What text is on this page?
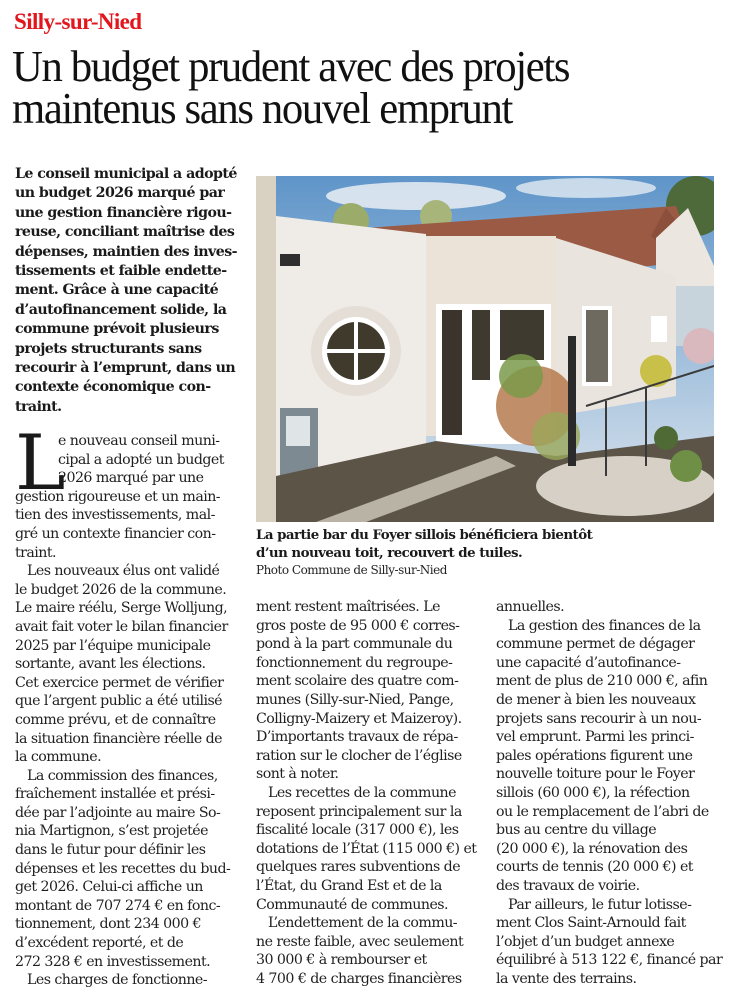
Silly-sur-Nied
Un budget prudent avec des projets maintenus sans nouvel emprunt
Le conseil municipal a adopté
un budget 2026 marqué par
une gestion financière rigou-
reuse, conciliant maîtrise des
dépenses, maintien des inves-
tissements et faible endette-
ment. Grâce à une capacité
d’autofinancement solide, la
commune prévoit plusieurs
projets structurants sans
recourir à l’emprunt, dans un
contexte économique con-
traint.
La partie bar du Foyer sillois bénéficiera bientôt
d’un nouveau toit, recouvert de tuiles.
Photo Commune de Silly-sur-Nied
L
e nouveau conseil muni-
cipal a adopté un budget
2026 marqué par une
gestion rigoureuse et un main-
tien des investissements, mal-
gré un contexte financier con-
traint.
Les nouveaux élus ont validé
le budget 2026 de la commune.
Le maire réélu, Serge Wolljung,
avait fait voter le bilan financier
2025 par l’équipe municipale
sortante, avant les élections.
Cet exercice permet de vérifier
que l’argent public a été utilisé
comme prévu, et de connaître
la situation financière réelle de
la commune.
La commission des finances,
fraîchement installée et prési-
dée par l’adjointe au maire So-
nia Martignon, s’est projetée
dans le futur pour définir les
dépenses et les recettes du bud-
get 2026. Celui-ci affiche un
montant de 707 274 € en fonc-
tionnement, dont 234 000 €
d’excédent reporté, et de
272 328 € en investissement.
Les charges de fonctionne-
ment restent maîtrisées. Le
gros poste de 95 000 € corres-
pond à la part communale du
fonctionnement du regroupe-
ment scolaire des quatre com-
munes (Silly-sur-Nied, Pange,
Colligny-Maizery et Maizeroy).
D’importants travaux de répa-
ration sur le clocher de l’église
sont à noter.
Les recettes de la commune
reposent principalement sur la
fiscalité locale (317 000 €), les
dotations de l’État (115 000 €) et
quelques rares subventions de
l’État, du Grand Est et de la
Communauté de communes.
L’endettement de la commu-
ne reste faible, avec seulement
30 000 € à rembourser et
4 700 € de charges financières
annuelles.
La gestion des finances de la
commune permet de dégager
une capacité d’autofinance-
ment de plus de 210 000 €, afin
de mener à bien les nouveaux
projets sans recourir à un nou-
vel emprunt. Parmi les princi-
pales opérations figurent une
nouvelle toiture pour le Foyer
sillois (60 000 €), la réfection
ou le remplacement de l’abri de
bus au centre du village
(20 000 €), la rénovation des
courts de tennis (20 000 €) et
des travaux de voirie.
Par ailleurs, le futur lotisse-
ment Clos Saint-Arnould fait
l’objet d’un budget annexe
équilibré à 513 122 €, financé par
la vente des terrains.
